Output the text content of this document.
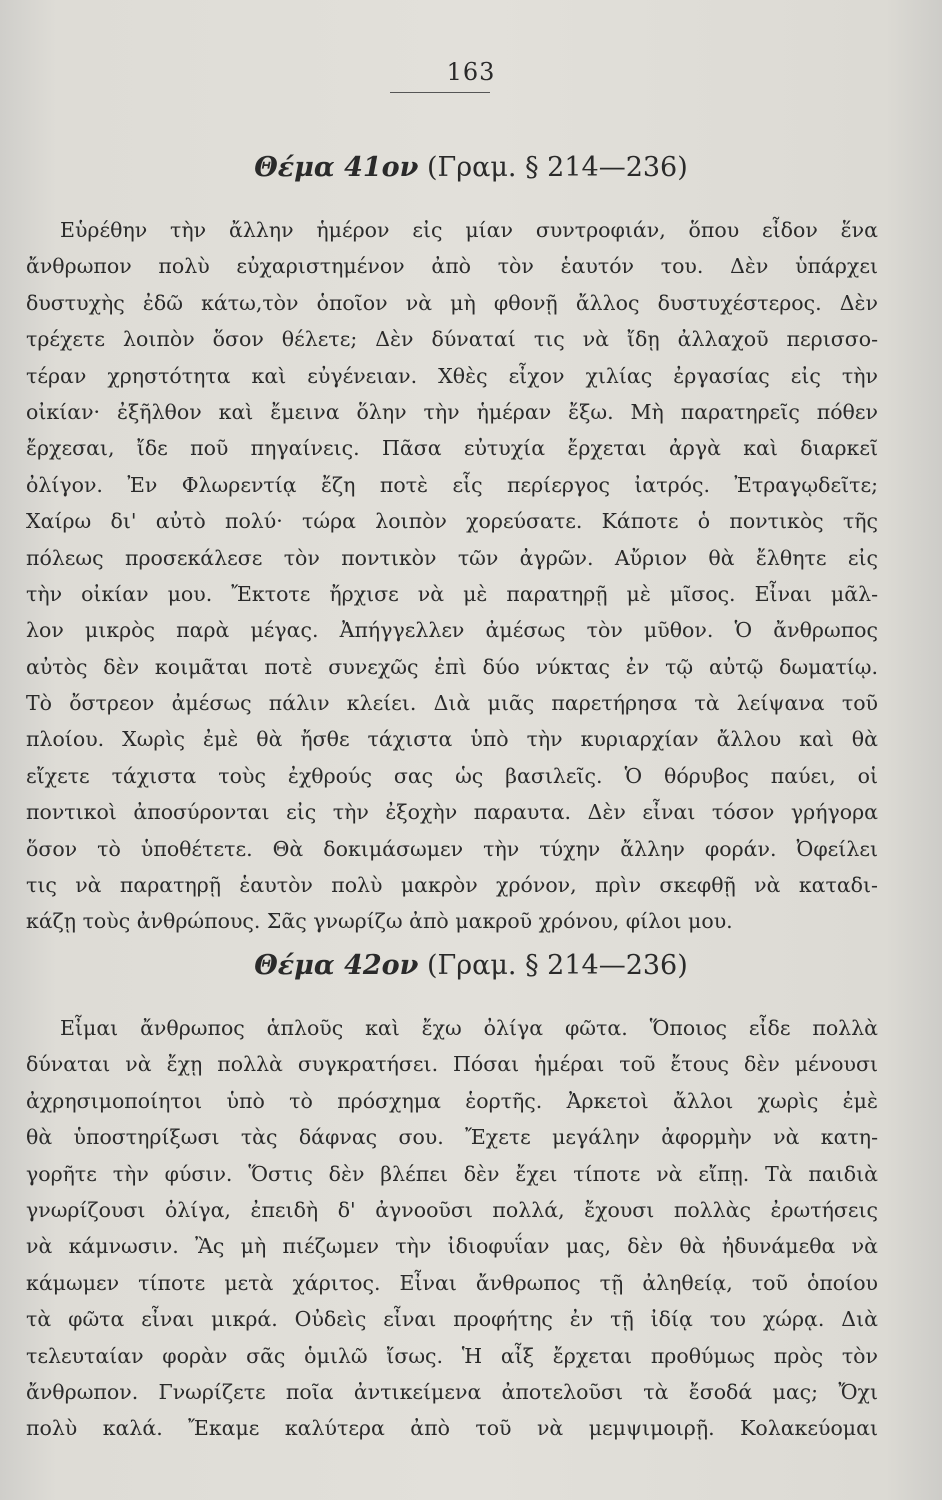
163
Θέμα 41ον (Γραμ. § 214—236)
Εὑρέθην τὴν ἄλλην ἡμέρον εἰς μίαν συντροφιάν, ὅπου εἶδον ἕνα
ἄνθρωπον πολὺ εὐχαριστημένον ἀπὸ τὸν ἑαυτόν του. Δὲν ὑπάρχει
δυστυχὴς ἐδῶ κάτω,τὸν ὁποῖον νὰ μὴ φθονῇ ἄλλος δυστυχέστερος. Δὲν
τρέχετε λοιπὸν ὅσον θέλετε; Δὲν δύναταί τις νὰ ἴδῃ ἀλλαχοῦ περισσο-
τέραν χρηστότητα καὶ εὐγένειαν. Χθὲς εἶχον χιλίας ἐργασίας εἰς τὴν
οἰκίαν· ἐξῆλθον καὶ ἔμεινα ὅλην τὴν ἡμέραν ἔξω. Μὴ παρατηρεῖς πόθεν
ἔρχεσαι, ἴδε ποῦ πηγαίνεις. Πᾶσα εὐτυχία ἔρχεται ἀργὰ καὶ διαρκεῖ
ὀλίγον. Ἐν Φλωρεντίᾳ ἔζη ποτὲ εἷς περίεργος ἰατρός. Ἐτραγῳδεῖτε;
Χαίρω δι' αὐτὸ πολύ· τώρα λοιπὸν χορεύσατε. Κάποτε ὁ ποντικὸς τῆς
πόλεως προσεκάλεσε τὸν ποντικὸν τῶν ἀγρῶν. Αὔριον θὰ ἔλθητε εἰς
τὴν οἰκίαν μου. Ἔκτοτε ἤρχισε νὰ μὲ παρατηρῇ μὲ μῖσος. Εἶναι μᾶλ-
λον μικρὸς παρὰ μέγας. Ἀπήγγελλεν ἀμέσως τὸν μῦθον. Ὁ ἄνθρωπος
αὐτὸς δὲν κοιμᾶται ποτὲ συνεχῶς ἐπὶ δύο νύκτας ἐν τῷ αὐτῷ δωματίῳ.
Τὸ ὄστρεον ἀμέσως πάλιν κλείει. Διὰ μιᾶς παρετήρησα τὰ λείψανα τοῦ
πλοίου. Χωρὶς ἐμὲ θὰ ἤσθε τάχιστα ὑπὸ τὴν κυριαρχίαν ἄλλου καὶ θὰ
εἴχετε τάχιστα τοὺς ἐχθρούς σας ὡς βασιλεῖς. Ὁ θόρυβος παύει, οἱ
ποντικοὶ ἀποσύρονται εἰς τὴν ἐξοχὴν παραυτα. Δὲν εἶναι τόσον γρήγορα
ὅσον τὸ ὑποθέτετε. Θὰ δοκιμάσωμεν τὴν τύχην ἄλλην φοράν. Ὀφείλει
τις νὰ παρατηρῇ ἑαυτὸν πολὺ μακρὸν χρόνον, πρὶν σκεφθῇ νὰ καταδι-
κάζῃ τοὺς ἀνθρώπους. Σᾶς γνωρίζω ἀπὸ μακροῦ χρόνου, φίλοι μου.
Θέμα 42ον (Γραμ. § 214—236)
Εἶμαι ἄνθρωπος ἁπλοῦς καὶ ἔχω ὀλίγα φῶτα. Ὅποιος εἶδε πολλὰ
δύναται νὰ ἔχῃ πολλὰ συγκρατήσει. Πόσαι ἡμέραι τοῦ ἔτους δὲν μένουσι
ἀχρησιμοποίητοι ὑπὸ τὸ πρόσχημα ἑορτῆς. Ἀρκετοὶ ἄλλοι χωρὶς ἐμὲ
θὰ ὑποστηρίξωσι τὰς δάφνας σου. Ἔχετε μεγάλην ἀφορμὴν νὰ κατη-
γορῆτε τὴν φύσιν. Ὅστις δὲν βλέπει δὲν ἔχει τίποτε νὰ εἴπῃ. Τὰ παιδιὰ
γνωρίζουσι ὀλίγα, ἐπειδὴ δ' ἀγνοοῦσι πολλά, ἔχουσι πολλὰς ἐρωτήσεις
νὰ κάμνωσιν. Ἂς μὴ πιέζωμεν τὴν ἰδιοφυΐαν μας, δὲν θὰ ἠδυνάμεθα νὰ
κάμωμεν τίποτε μετὰ χάριτος. Εἶναι ἄνθρωπος τῇ ἀληθείᾳ, τοῦ ὁποίου
τὰ φῶτα εἶναι μικρά. Οὐδεὶς εἶναι προφήτης ἐν τῇ ἰδίᾳ του χώρᾳ. Διὰ
τελευταίαν φορὰν σᾶς ὁμιλῶ ἴσως. Ἡ αἶξ ἔρχεται προθύμως πρὸς τὸν
ἄνθρωπον. Γνωρίζετε ποῖα ἀντικείμενα ἀποτελοῦσι τὰ ἔσοδά μας; Ὄχι
πολὺ καλά. Ἔκαμε καλύτερα ἀπὸ τοῦ νὰ μεμψιμοιρῇ. Κολακεύομαι
